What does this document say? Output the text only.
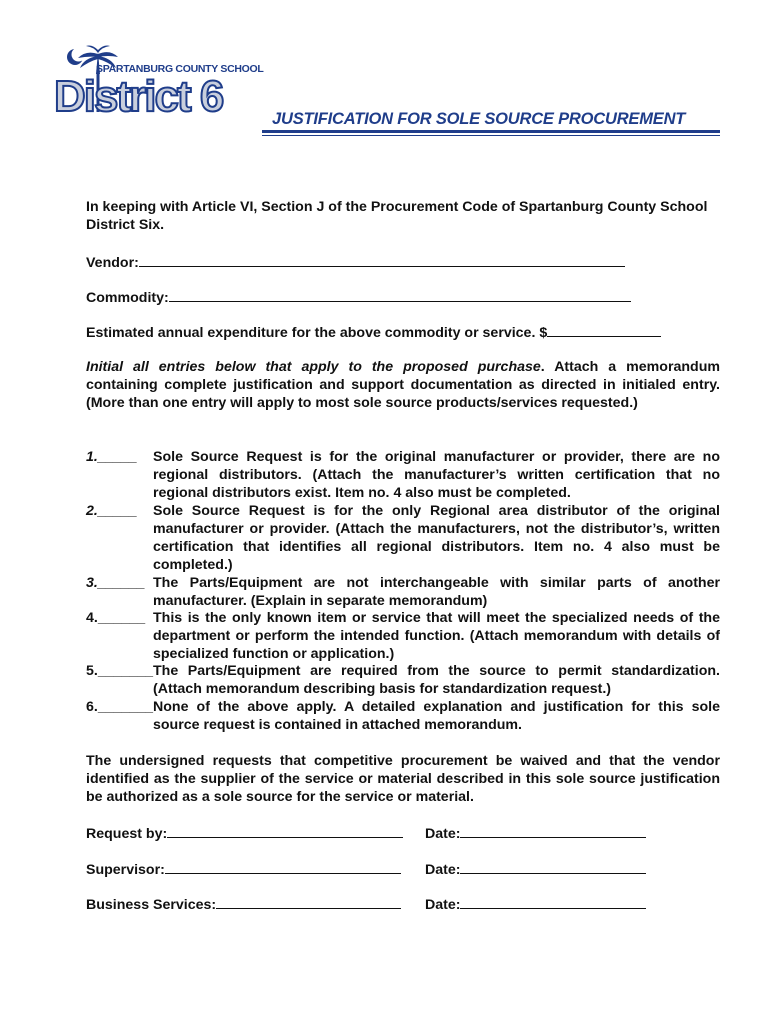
SPARTANBURG COUNTY SCHOOL
District 6	JUSTIFICATION FOR SOLE SOURCE PROCUREMENT
In keeping with Article VI, Section J of the Procurement Code of Spartanburg County School District Six.
Vendor:
Commodity:
Estimated annual expenditure for the above commodity or service. $
Initial all entries below that apply to the proposed purchase. Attach a memorandum containing complete justification and support documentation as directed in initialed entry. (More than one entry will apply to most sole source products/services requested.)
1._____ Sole Source Request is for the original manufacturer or provider, there are no regional distributors. (Attach the manufacturer’s written certification that no regional distributors exist. Item no. 4 also must be completed.
2._____ Sole Source Request is for the only Regional area distributor of the original manufacturer or provider. (Attach the manufacturers, not the distributor’s, written certification that identifies all regional distributors. Item no. 4 also must be completed.)
3.______ The Parts/Equipment are not interchangeable with similar parts of another manufacturer. (Explain in separate memorandum)
4.______ This is the only known item or service that will meet the specialized needs of the department or perform the intended function. (Attach memorandum with details of specialized function or application.)
5._______ The Parts/Equipment are required from the source to permit standardization. (Attach memorandum describing basis for standardization request.)
6._______ None of the above apply. A detailed explanation and justification for this sole source request is contained in attached memorandum.
The undersigned requests that competitive procurement be waived and that the vendor identified as the supplier of the service or material described in this sole source justification be authorized as a sole source for the service or material.
Request by:	Date:
Supervisor:	Date:
Business Services:	Date:
